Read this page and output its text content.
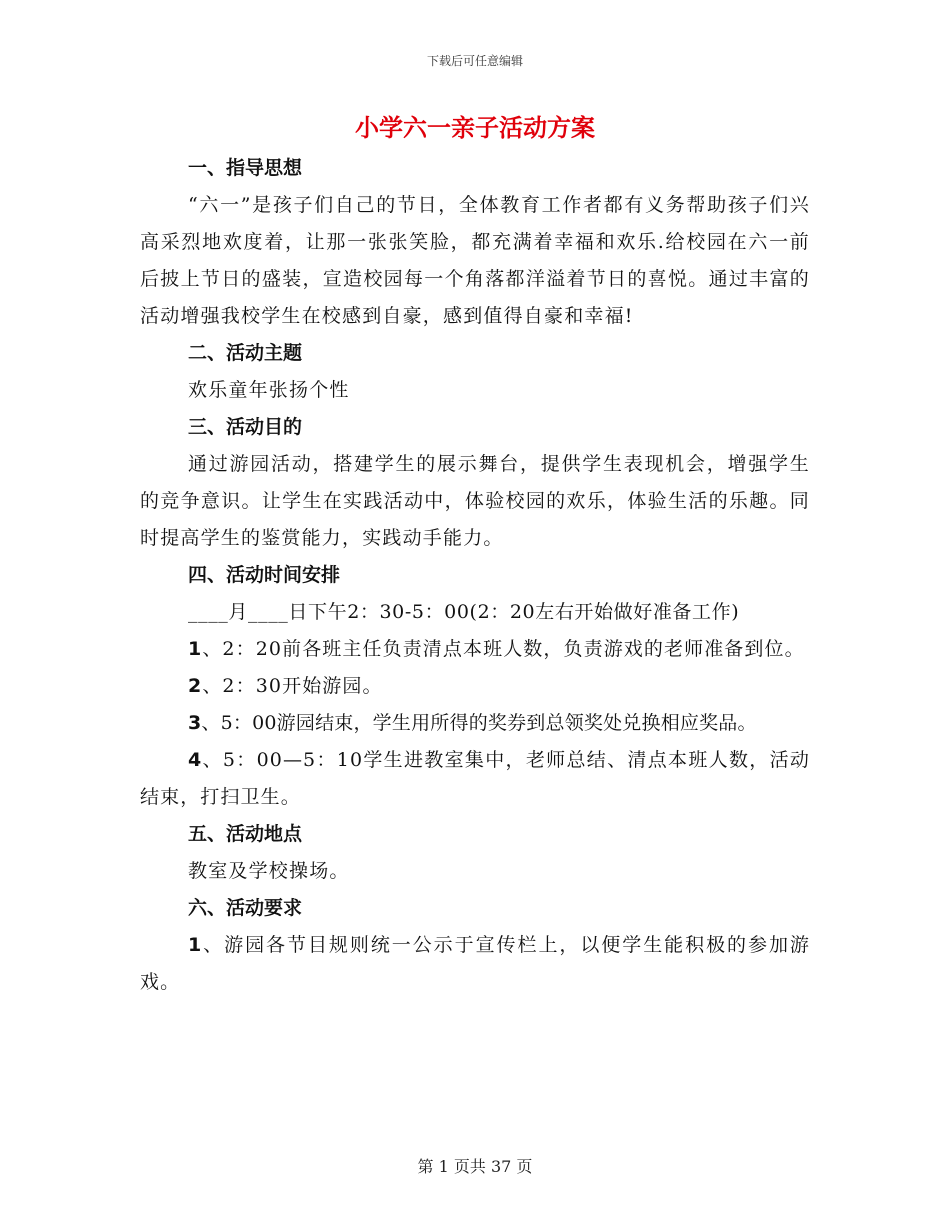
下载后可任意编辑
小学六一亲子活动方案

一、指导思想

“六一”是孩子们自己的节日，全体教育工作者都有义务帮助孩子们兴高采烈地欢度着，让那一张张笑脸，都充满着幸福和欢乐.给校园在六一前后披上节日的盛装，宣造校园每一个角落都洋溢着节日的喜悦。通过丰富的活动增强我校学生在校感到自豪，感到值得自豪和幸福!

二、活动主题

欢乐童年张扬个性

三、活动目的

通过游园活动，搭建学生的展示舞台，提供学生表现机会，增强学生的竞争意识。让学生在实践活动中，体验校园的欢乐，体验生活的乐趣。同时提高学生的鉴赏能力，实践动手能力。

四、活动时间安排

____月____日下午2：30-5：00(2：20左右开始做好准备工作)

1、2：20前各班主任负责清点本班人数，负责游戏的老师准备到位。

2、2：30开始游园。

3、5：00游园结束，学生用所得的奖券到总领奖处兑换相应奖品。

4、5：00—5：10学生进教室集中，老师总结、清点本班人数，活动结束，打扫卫生。

五、活动地点

教室及学校操场。

六、活动要求

1、游园各节目规则统一公示于宣传栏上，以便学生能积极的参加游戏。

第 1 页共 37 页
